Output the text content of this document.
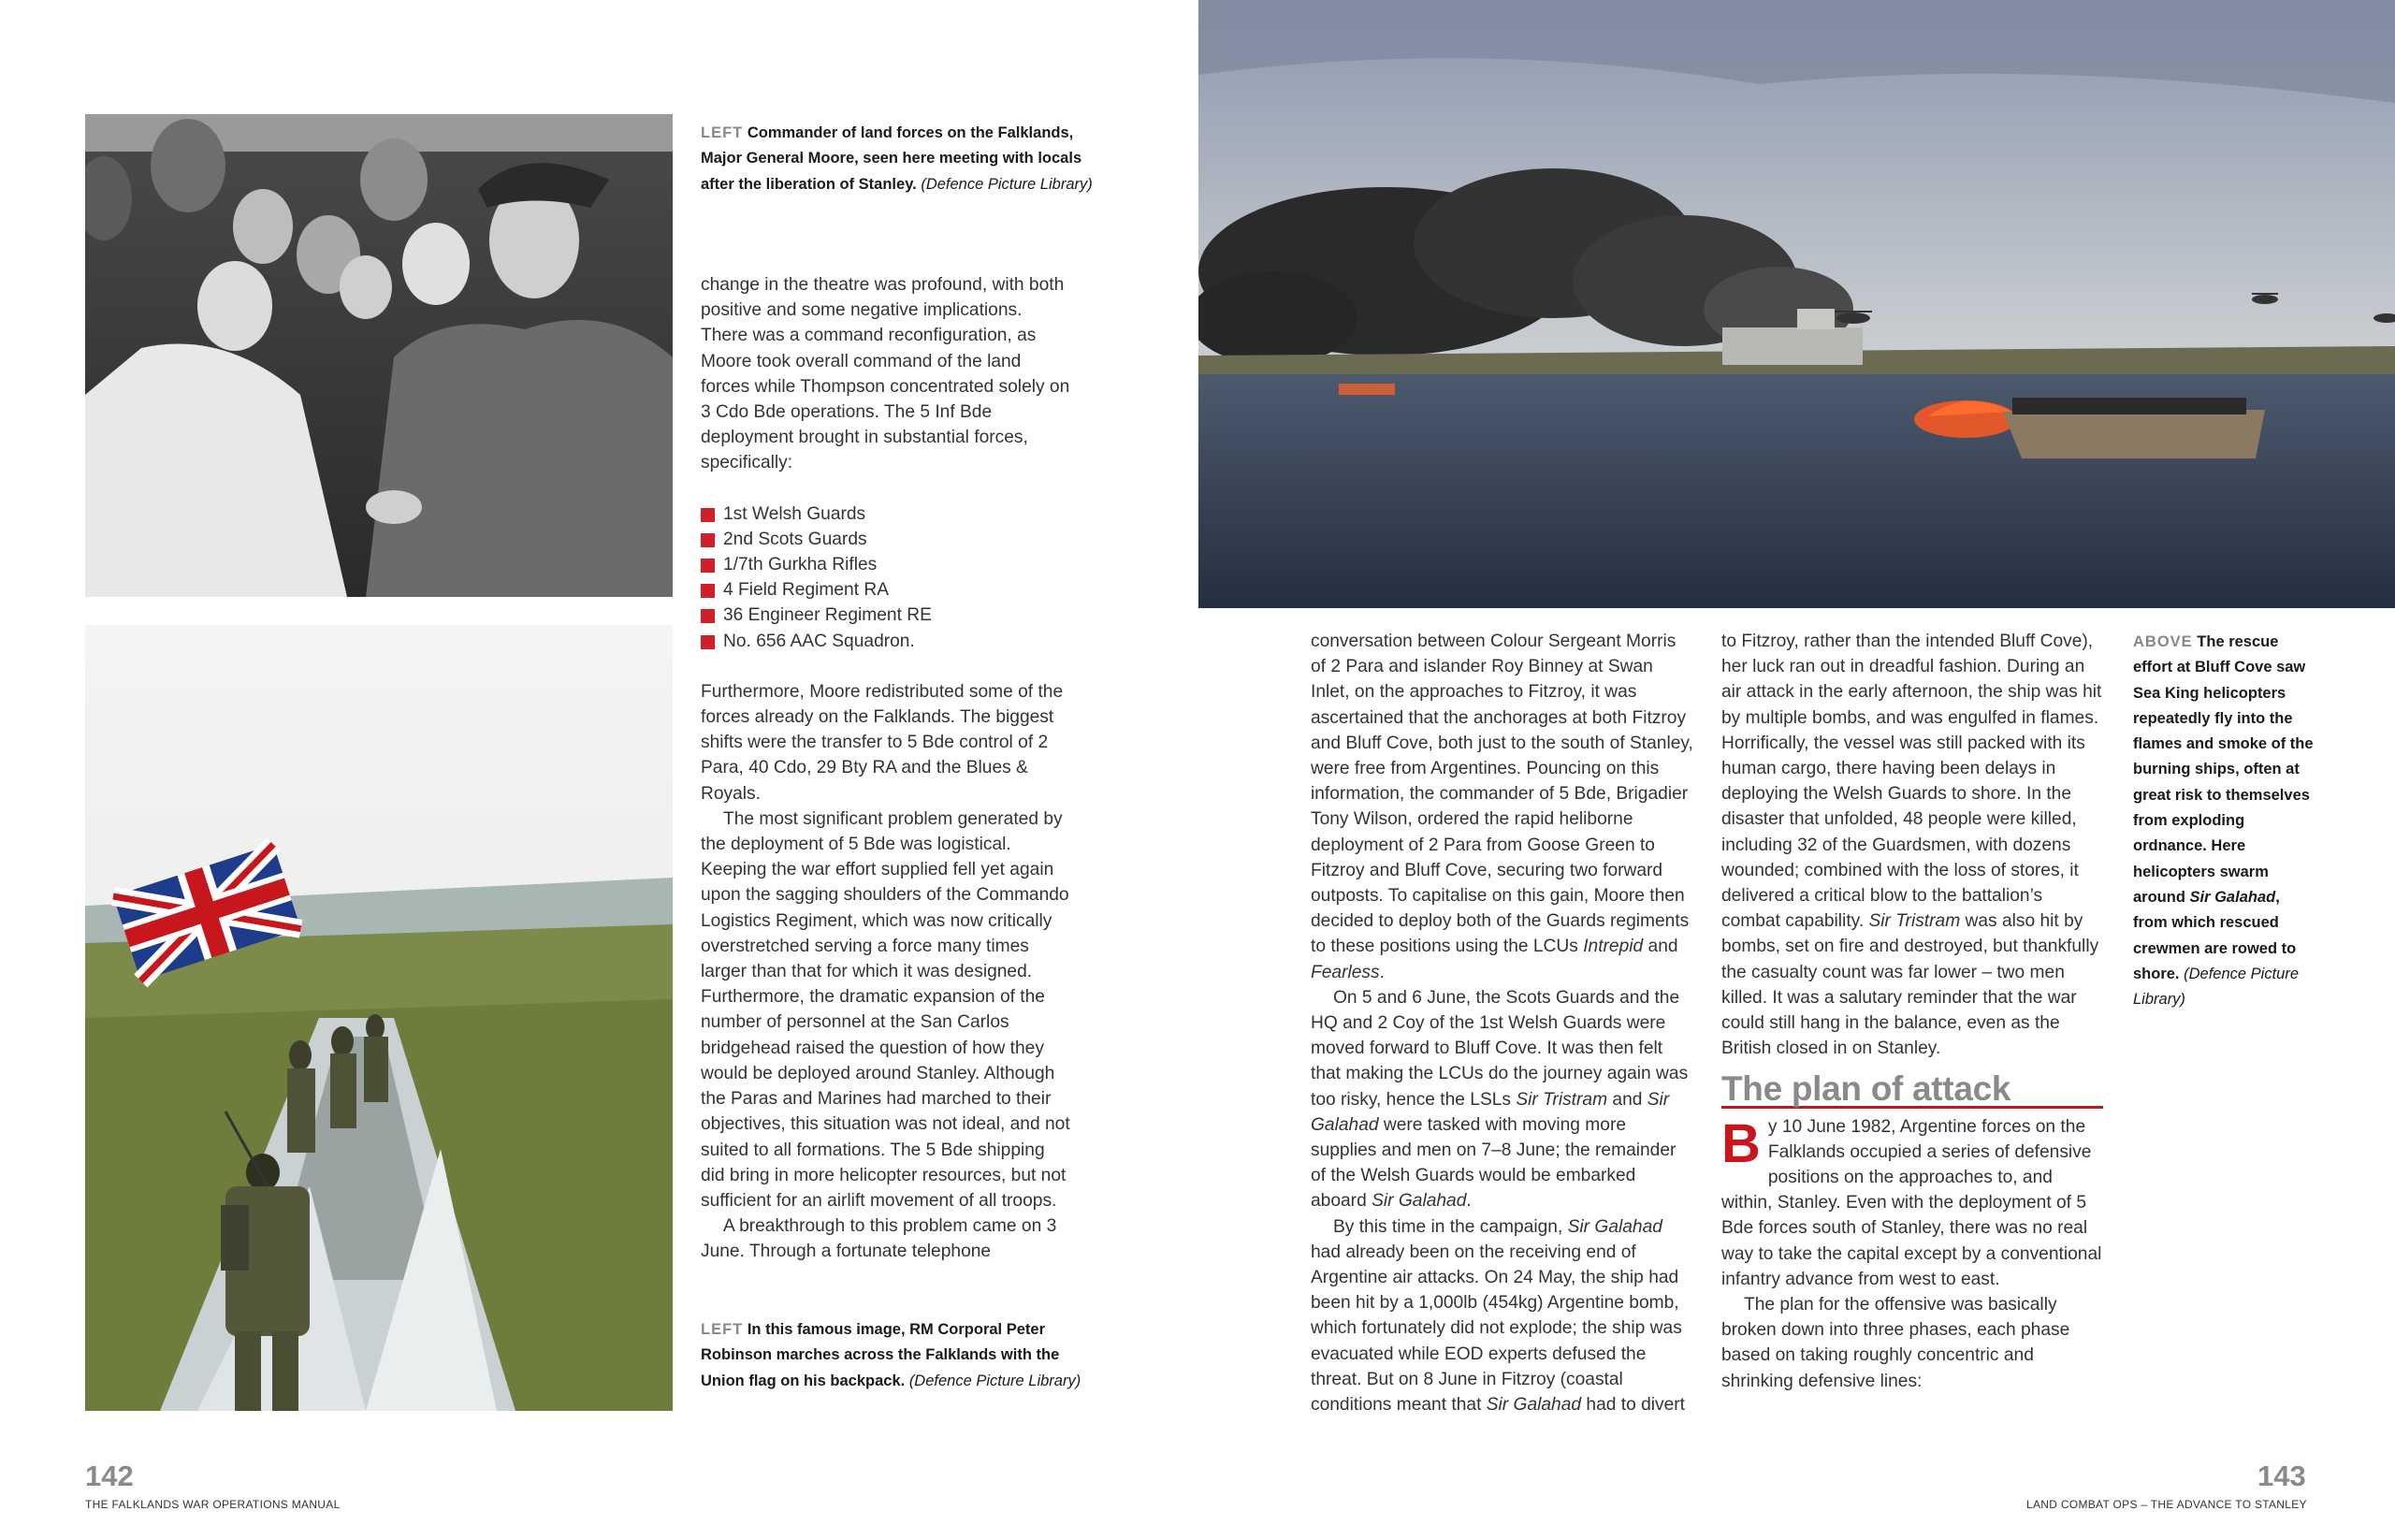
LEFT Commander of land forces on the Falklands, Major General Moore, seen here meeting with locals after the liberation of Stanley. (Defence Picture Library)

change in the theatre was profound, with both positive and some negative implications. There was a command reconfiguration, as Moore took overall command of the land forces while Thompson concentrated solely on 3 Cdo Bde operations. The 5 Inf Bde deployment brought in substantial forces, specifically:

1st Welsh Guards
2nd Scots Guards
1/7th Gurkha Rifles
4 Field Regiment RA
36 Engineer Regiment RE
No. 656 AAC Squadron.

Furthermore, Moore redistributed some of the forces already on the Falklands. The biggest shifts were the transfer to 5 Bde control of 2 Para, 40 Cdo, 29 Bty RA and the Blues & Royals.

The most significant problem generated by the deployment of 5 Bde was logistical. Keeping the war effort supplied fell yet again upon the sagging shoulders of the Commando Logistics Regiment, which was now critically overstretched serving a force many times larger than that for which it was designed. Furthermore, the dramatic expansion of the number of personnel at the San Carlos bridgehead raised the question of how they would be deployed around Stanley. Although the Paras and Marines had marched to their objectives, this situation was not ideal, and not suited to all formations. The 5 Bde shipping did bring in more helicopter resources, but not sufficient for an airlift movement of all troops.

A breakthrough to this problem came on 3 June. Through a fortunate telephone

LEFT In this famous image, RM Corporal Peter Robinson marches across the Falklands with the Union flag on his backpack. (Defence Picture Library)
142
THE FALKLANDS WAR OPERATIONS MANUAL

conversation between Colour Sergeant Morris of 2 Para and islander Roy Binney at Swan Inlet, on the approaches to Fitzroy, it was ascertained that the anchorages at both Fitzroy and Bluff Cove, both just to the south of Stanley, were free from Argentines. Pouncing on this information, the commander of 5 Bde, Brigadier Tony Wilson, ordered the rapid heliborne deployment of 2 Para from Goose Green to Fitzroy and Bluff Cove, securing two forward outposts. To capitalise on this gain, Moore then decided to deploy both of the Guards regiments to these positions using the LCUs Intrepid and Fearless.

On 5 and 6 June, the Scots Guards and the HQ and 2 Coy of the 1st Welsh Guards were moved forward to Bluff Cove. It was then felt that making the LCUs do the journey again was too risky, hence the LSLs Sir Tristram and Sir Galahad were tasked with moving more supplies and men on 7–8 June; the remainder of the Welsh Guards would be embarked aboard Sir Galahad.

By this time in the campaign, Sir Galahad had already been on the receiving end of Argentine air attacks. On 24 May, the ship had been hit by a 1,000lb (454kg) Argentine bomb, which fortunately did not explode; the ship was evacuated while EOD experts defused the threat. But on 8 June in Fitzroy (coastal conditions meant that Sir Galahad had to divert

to Fitzroy, rather than the intended Bluff Cove), her luck ran out in dreadful fashion. During an air attack in the early afternoon, the ship was hit by multiple bombs, and was engulfed in flames. Horrifically, the vessel was still packed with its human cargo, there having been delays in deploying the Welsh Guards to shore. In the disaster that unfolded, 48 people were killed, including 32 of the Guardsmen, with dozens wounded; combined with the loss of stores, it delivered a critical blow to the battalion’s combat capability. Sir Tristram was also hit by bombs, set on fire and destroyed, but thankfully the casualty count was far lower – two men killed. It was a salutary reminder that the war could still hang in the balance, even as the British closed in on Stanley.

The plan of attack

By 10 June 1982, Argentine forces on the Falklands occupied a series of defensive positions on the approaches to, and within, Stanley. Even with the deployment of 5 Bde forces south of Stanley, there was no real way to take the capital except by a conventional infantry advance from west to east.

The plan for the offensive was basically broken down into three phases, each phase based on taking roughly concentric and shrinking defensive lines:

ABOVE The rescue effort at Bluff Cove saw Sea King helicopters repeatedly fly into the flames and smoke of the burning ships, often at great risk to themselves from exploding ordnance. Here helicopters swarm around Sir Galahad, from which rescued crewmen are rowed to shore. (Defence Picture Library)
143
LAND COMBAT OPS – THE ADVANCE TO STANLEY
